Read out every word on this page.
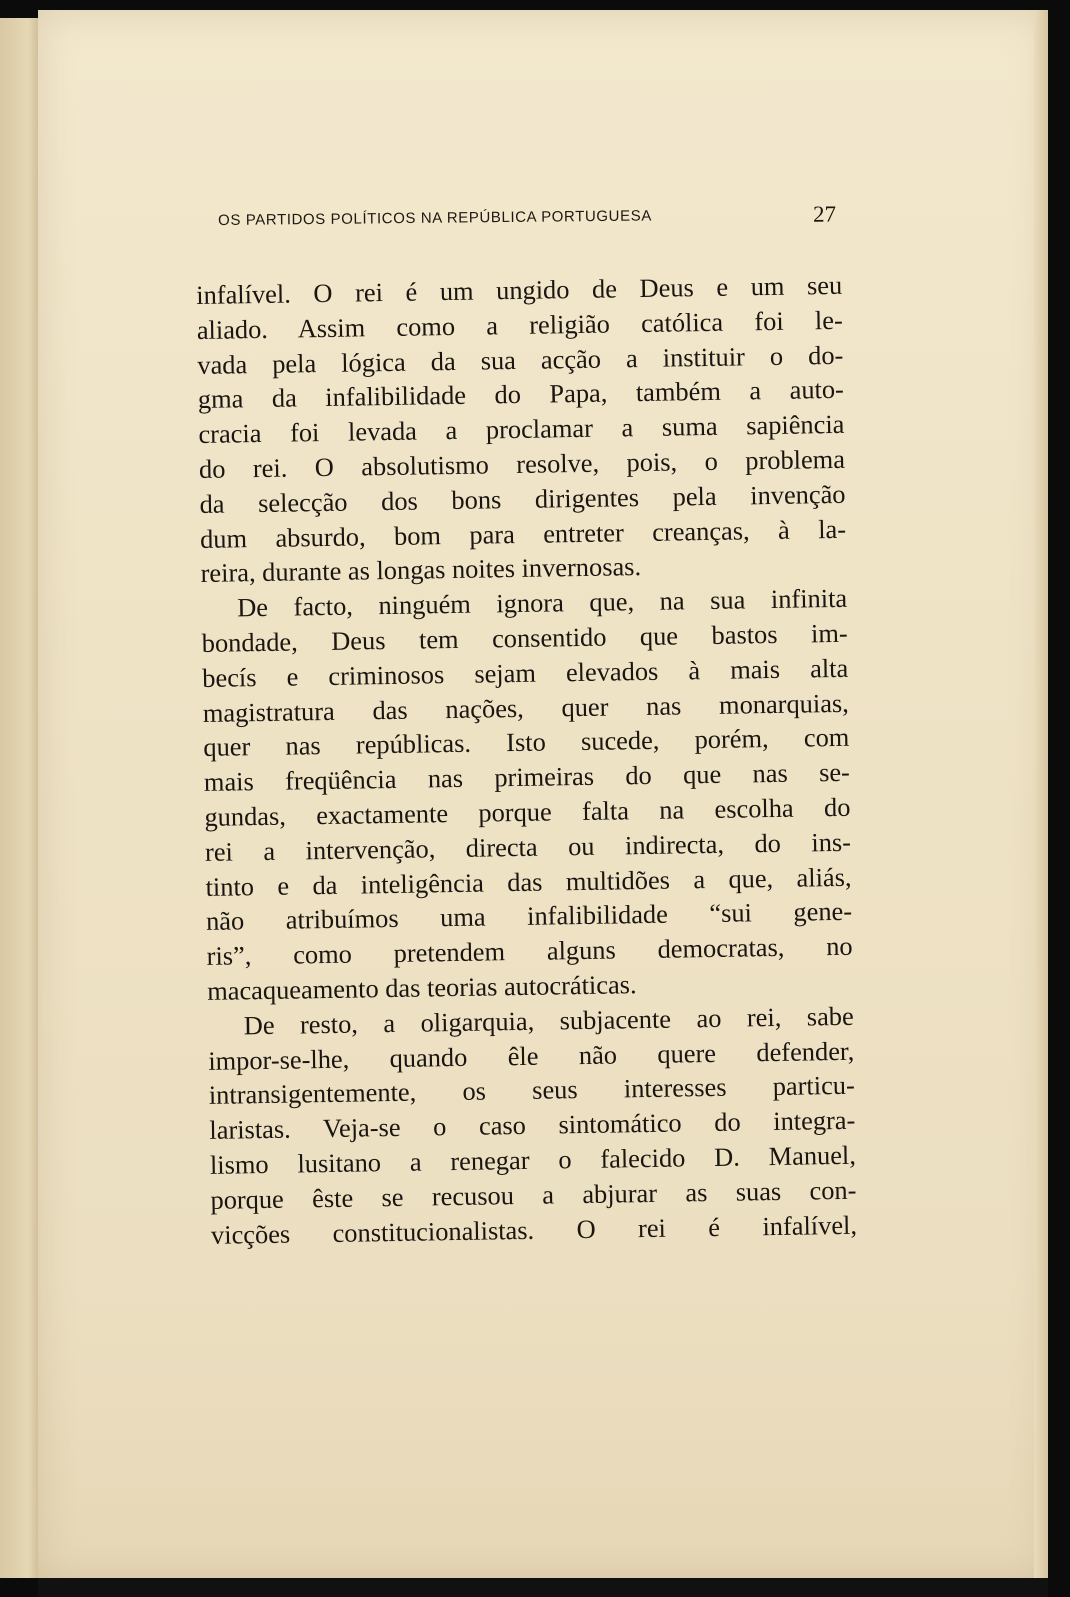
OS PARTIDOS POLÍTICOS NA REPÚBLICA PORTUGUESA	27
infalível. O rei é um ungido de Deus e um seu
aliado. Assim como a religião católica foi le-
vada pela lógica da sua acção a instituir o do-
gma da infalibilidade do Papa, também a auto-
cracia foi levada a proclamar a suma sapiência
do rei. O absolutismo resolve, pois, o problema
da selecção dos bons dirigentes pela invenção
dum absurdo, bom para entreter creanças, à la-
reira, durante as longas noites invernosas.
De facto, ninguém ignora que, na sua infinita
bondade, Deus tem consentido que bastos im-
becís e criminosos sejam elevados à mais alta
magistratura das nações, quer nas monarquias,
quer nas repúblicas. Isto sucede, porém, com
mais freqüência nas primeiras do que nas se-
gundas, exactamente porque falta na escolha do
rei a intervenção, directa ou indirecta, do ins-
tinto e da inteligência das multidões a que, aliás,
não atribuímos uma infalibilidade “sui gene-
ris”, como pretendem alguns democratas, no
macaqueamento das teorias autocráticas.
De resto, a oligarquia, subjacente ao rei, sabe
impor-se-lhe, quando êle não quere defender,
intransigentemente, os seus interesses particu-
laristas. Veja-se o caso sintomático do integra-
lismo lusitano a renegar o falecido D. Manuel,
porque êste se recusou a abjurar as suas con-
vicções constitucionalistas. O rei é infalível,
